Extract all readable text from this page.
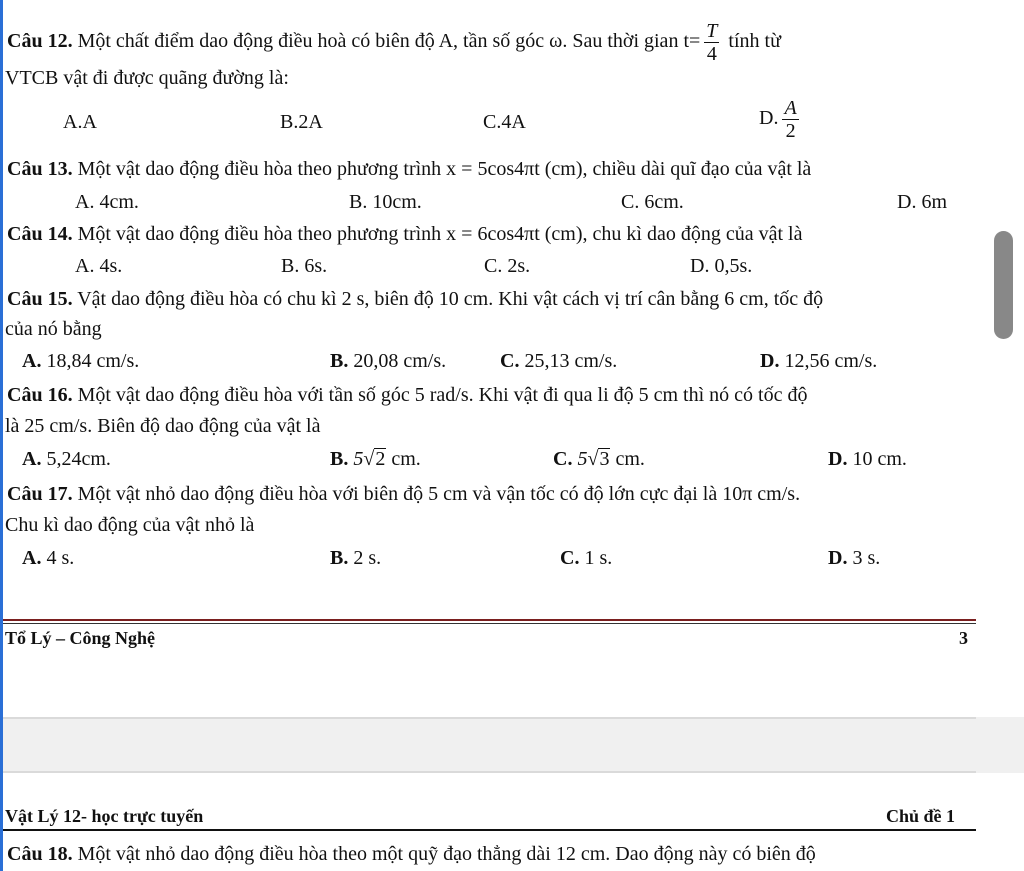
Câu 12. Một chất điểm dao động điều hoà có biên độ A, tần số góc ω. Sau thời gian $t= \frac{T}{4}$ tính từ
VTCB vật đi được quãng đường là:
A.A	B.2A	C.4A	D. $\frac{A}{2}$
Câu 13. Một vật dao động điều hòa theo phương trình x = 5cos4πt (cm), chiều dài quĩ đạo của vật là
A. 4cm.	B. 10cm.	C. 6cm.	D. 6m
Câu 14. Một vật dao động điều hòa theo phương trình x = 6cos4πt (cm), chu kì dao động của vật là
A. 4s.	B. 6s.	C. 2s.	D. 0,5s.
Câu 15. Vật dao động điều hòa có chu kì 2 s, biên độ 10 cm. Khi vật cách vị trí cân bằng 6 cm, tốc độ
của nó bằng
A. 18,84 cm/s.	B. 20,08 cm/s.	C. 25,13 cm/s.	D. 12,56 cm/s.
Câu 16. Một vật dao động điều hòa với tần số góc 5 rad/s. Khi vật đi qua li độ 5 cm thì nó có tốc độ
là 25 cm/s. Biên độ dao động của vật là
A. 5,24cm.	B. 5√2 cm.	C. 5√3 cm.	D. 10 cm.
Câu 17. Một vật nhỏ dao động điều hòa với biên độ 5 cm và vận tốc có độ lớn cực đại là 10π cm/s.
Chu kì dao động của vật nhỏ là
A. 4 s.	B. 2 s.	C. 1 s.	D. 3 s.
Tổ Lý – Công Nghệ	3
Vật Lý 12- học trực tuyến	Chủ đề 1
Câu 18. Một vật nhỏ dao động điều hòa theo một quỹ đạo thẳng dài 12 cm. Dao động này có biên độ
